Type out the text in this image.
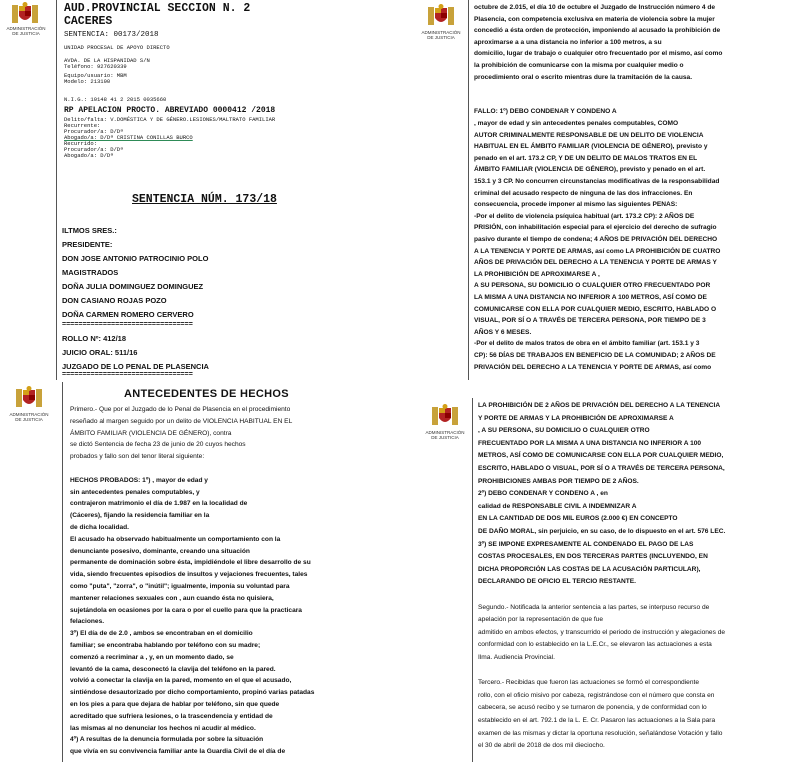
ADMINISTRACIÓN
DE JUSTICIA
AUD.PROVINCIAL SECCION N. 2
CACERES
SENTENCIA: 00173/2018
UNIDAD PROCESAL DE APOYO DIRECTO
AVDA. DE LA HISPANIDAD S/N
Teléfono: 927620339
Equipo/usuario: MBM
Modelo: 213100
N.I.G.: 10148 41 2 2015 0035660
RP APELACION PROCTO. ABREVIADO 0000412 /2018
Delito/falta: V.DOMÉSTICA Y DE GÉNERO.LESIONES/MALTRATO FAMILIAR
Recurrente:
Procurador/a: D/Dª
Abogado/a: D/Dª CRISTINA CONILLAS BURCO
Recurrido:
Procurador/a: D/Dª
Abogado/a: D/Dª
SENTENCIA NÚM. 173/18
ILTMOS SRES.:
PRESIDENTE:
DON JOSE ANTONIO PATROCINIO POLO
MAGISTRADOS
DOÑA JULIA DOMINGUEZ DOMINGUEZ
DON CASIANO ROJAS POZO
DOÑA CARMEN ROMERO CERVERO
================================
ROLLO Nº: 412/18
JUICIO ORAL: 511/16
JUZGADO DE LO PENAL DE PLASENCIA
================================
ADMINISTRACIÓN
DE JUSTICIA
octubre de 2.015, el día 10 de octubre el Juzgado de Instrucción número 4 de
Plasencia, con competencia exclusiva en materia de violencia sobre la mujer
concedió a ésta orden de protección, imponiendo al acusado la prohibición de
aproximarse a a una distancia no inferior a 100 metros, a su
domicilio, lugar de trabajo o cualquier otro frecuentado por el mismo, así como
la prohibición de comunicarse con la misma por cualquier medio o
procedimiento oral o escrito mientras dure la tramitación de la causa.
FALLO: 1º) DEBO CONDENAR Y CONDENO A
, mayor de edad y sin antecedentes penales computables, COMO
AUTOR CRIMINALMENTE RESPONSABLE DE UN DELITO DE VIOLENCIA
HABITUAL EN EL ÁMBITO FAMILIAR (VIOLENCIA DE GÉNERO), previsto y
penado en el art. 173.2 CP, Y DE UN DELITO DE MALOS TRATOS EN EL
ÁMBITO FAMILIAR (VIOLENCIA DE GÉNERO), previsto y penado en el art.
153.1 y 3 CP. No concurren circunstancias modificativas de la responsabilidad
criminal del acusado respecto de ninguna de las dos infracciones. En
consecuencia, procede imponer al mismo las siguientes PENAS:
-Por el delito de violencia psíquica habitual (art. 173.2 CP): 2 AÑOS DE
PRISIÓN, con inhabilitación especial para el ejercicio del derecho de sufragio
pasivo durante el tiempo de condena; 4 AÑOS DE PRIVACIÓN DEL DERECHO
A LA TENENCIA Y PORTE DE ARMAS, así como LA PROHIBICIÓN DE CUATRO
AÑOS DE PRIVACIÓN DEL DERECHO A LA TENENCIA Y PORTE DE ARMAS Y
LA PROHIBICIÓN DE APROXIMARSE A ,
A SU PERSONA, SU DOMICILIO O CUALQUIER OTRO FRECUENTADO POR
LA MISMA A UNA DISTANCIA NO INFERIOR A 100 METROS, ASÍ COMO DE
COMUNICARSE CON ELLA POR CUALQUIER MEDIO, ESCRITO, HABLADO O
VISUAL, POR SÍ O A TRAVÉS DE TERCERA PERSONA, POR TIEMPO DE 3
AÑOS Y 6 MESES.
-Por el delito de malos tratos de obra en el ámbito familiar (art. 153.1 y 3
CP): 56 DÍAS DE TRABAJOS EN BENEFICIO DE LA COMUNIDAD; 2 AÑOS DE
PRIVACIÓN DEL DERECHO A LA TENENCIA Y PORTE DE ARMAS, así como
ADMINISTRACIÓN
DE JUSTICIA
ANTECEDENTES DE HECHOS
Primero.- Que por el Juzgado de lo Penal de Plasencia en el procedimiento
reseñado al margen seguido por un delito de VIOLENCIA HABITUAL EN EL
ÁMBITO FAMILIAR (VIOLENCIA DE GÉNERO), contra
se dictó Sentencia de fecha 23 de junio de 20 cuyos hechos
probados y fallo son del tenor literal siguiente:
HECHOS PROBADOS: 1º) , mayor de edad y
sin antecedentes penales computables, y
contrajeron matrimonio el día de 1.987 en la localidad de
(Cáceres), fijando la residencia familiar en la
de dicha localidad.
El acusado ha observado habitualmente un comportamiento con la
denunciante posesivo, dominante, creando una situación
permanente de dominación sobre ésta, impidiéndole el libre desarrollo de su
vida, siendo frecuentes episodios de insultos y vejaciones frecuentes, tales
como "puta", "zorra", o "inútil"; igualmente, imponía su voluntad para
mantener relaciones sexuales con , aun cuando ésta no quisiera,
sujetándola en ocasiones por la cara o por el cuello para que la practicara
felaciones.
3º) El día de de 2.0 , ambos se encontraban en el domicilio
familiar; se encontraba hablando por teléfono con su madre;
comenzó a recriminar a , y, en un momento dado, se
levantó de la cama, desconectó la clavija del teléfono en la pared.
volvió a conectar la clavija en la pared, momento en el que el acusado,
sintiéndose desautorizado por dicho comportamiento, propinó varias patadas
en los pies a para que dejara de hablar por teléfono, sin que quede
acreditado que sufriera lesiones, o la trascendencia y entidad de
las mismas al no denunciar los hechos ni acudir al médico.
4º) A resultas de la denuncia formulada por sobre la situación
que vivía en su convivencia familiar ante la Guardia Civil de el día de
ADMINISTRACIÓN
DE JUSTICIA
LA PROHIBICIÓN DE 2 AÑOS DE PRIVACIÓN DEL DERECHO A LA TENENCIA
Y PORTE DE ARMAS Y LA PROHIBICIÓN DE APROXIMARSE A
, A SU PERSONA, SU DOMICILIO O CUALQUIER OTRO
FRECUENTADO POR LA MISMA A UNA DISTANCIA NO INFERIOR A 100
METROS, ASÍ COMO DE COMUNICARSE CON ELLA POR CUALQUIER MEDIO,
ESCRITO, HABLADO O VISUAL, POR SÍ O A TRAVÉS DE TERCERA PERSONA,
PROHIBICIONES AMBAS POR TIEMPO DE 2 AÑOS.
2º) DEBO CONDENAR Y CONDENO A , en
calidad de RESPONSABLE CIVIL A INDEMNIZAR A
EN LA CANTIDAD DE DOS MIL EUROS (2.000 €) EN CONCEPTO
DE DAÑO MORAL, sin perjuicio, en su caso, de lo dispuesto en el art. 576 LEC.
3º) SE IMPONE EXPRESAMENTE AL CONDENADO EL PAGO DE LAS
COSTAS PROCESALES, EN DOS TERCERAS PARTES (INCLUYENDO, EN
DICHA PROPORCIÓN LAS COSTAS DE LA ACUSACIÓN PARTICULAR),
DECLARANDO DE OFICIO EL TERCIO RESTANTE.
Segundo.- Notificada la anterior sentencia a las partes, se interpuso recurso de
apelación por la representación de que fue
admitido en ambos efectos, y transcurrido el periodo de instrucción y alegaciones de
conformidad con lo establecido en la L.E.Cr., se elevaron las actuaciones a esta
Ilma. Audiencia Provincial.
Tercero.- Recibidas que fueron las actuaciones se formó el correspondiente
rollo, con el oficio misivo por cabeza, registrándose con el número que consta en
cabecera, se acusó recibo y se turnaron de ponencia, y de conformidad con lo
establecido en el art. 792.1 de la L. E. Cr. Pasaron las actuaciones a la Sala para
examen de las mismas y dictar la oportuna resolución, señalándose Votación y fallo
el 30 de abril de 2018 de dos mil dieciocho.
